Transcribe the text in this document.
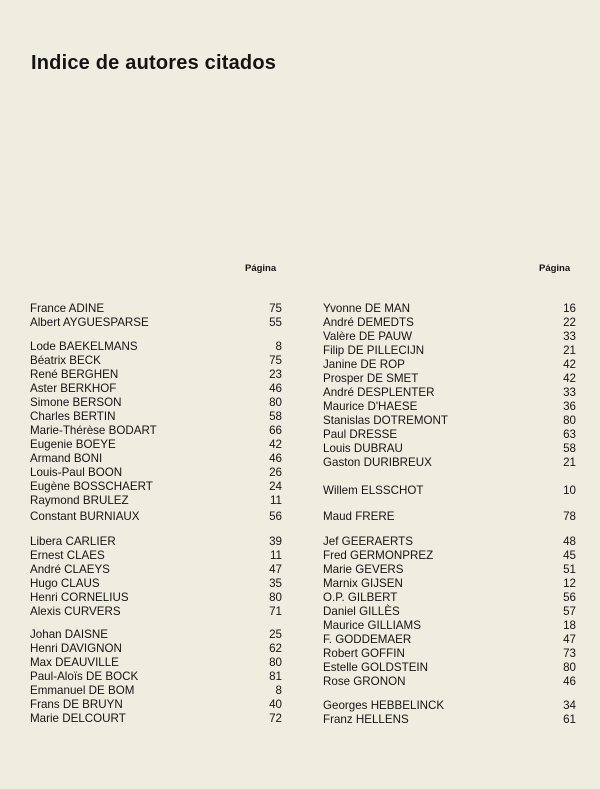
Indice de autores citados
Página	Página
France ADINE	75
Albert AYGUESPARSE	55
Lode BAEKELMANS	8
Béatrix BECK	75
René BERGHEN	23
Aster BERKHOF	46
Simone BERSON	80
Charles BERTIN	58
Marie-Thérèse BODART	66
Eugenie BOEYE	42
Armand BONI	46
Louis-Paul BOON	26
Eugène BOSSCHAERT	24
Raymond BRULEZ	11
Constant BURNIAUX	56
Libera CARLIER	39
Ernest CLAES	11
André CLAEYS	47
Hugo CLAUS	35
Henri CORNELIUS	80
Alexis CURVERS	71
Johan DAISNE	25
Henri DAVIGNON	62
Max DEAUVILLE	80
Paul-Aloïs DE BOCK	81
Emmanuel DE BOM	8
Frans DE BRUYN	40
Marie DELCOURT	72
Yvonne DE MAN	16
André DEMEDTS	22
Valère DE PAUW	33
Filip DE PILLECIJN	21
Janine DE ROP	42
Prosper DE SMET	42
André DESPLENTER	33
Maurice D'HAESE	36
Stanislas DOTREMONT	80
Paul DRESSE	63
Louis DUBRAU	58
Gaston DURIBREUX	21
Willem ELSSCHOT	10
Maud FRERE	78
Jef GEERAERTS	48
Fred GERMONPREZ	45
Marie GEVERS	51
Marnix GIJSEN	12
O.P. GILBERT	56
Daniel GILLÈS	57
Maurice GILLIAMS	18
F. GODDEMAER	47
Robert GOFFIN	73
Estelle GOLDSTEIN	80
Rose GRONON	46
Georges HEBBELINCK	34
Franz HELLENS	61
